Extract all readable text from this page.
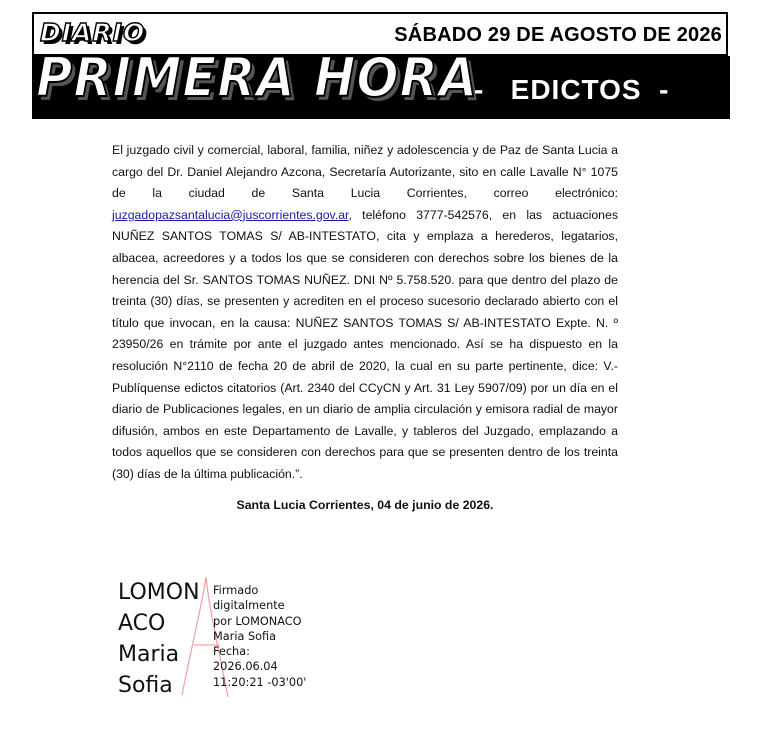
DIARIO
PRIMERA HORA
SÁBADO 29 DE AGOSTO DE 2026
-   EDICTOS  -
El juzgado civil y comercial, laboral, familia, niñez y adolescencia y de Paz de Santa Lucia a cargo del Dr. Daniel Alejandro Azcona, Secretaría Autorizante, sito en calle Lavalle N° 1075 de la ciudad de Santa Lucia Corrientes, correo electrónico: juzgadopazsantalucia@juscorrientes.gov.ar, teléfono 3777-542576, en las actuaciones NUÑEZ SANTOS TOMAS S/ AB-INTESTATO, cita y emplaza a herederos, legatarios, albacea, acreedores y a todos los que se consideren con derechos sobre los bienes de la herencia del Sr. SANTOS TOMAS NUÑEZ. DNI Nº 5.758.520. para que dentro del plazo de treinta (30) días, se presenten y acrediten en el proceso sucesorio declarado abierto con el título que invocan, en la causa: NUÑEZ SANTOS TOMAS S/ AB-INTESTATO Expte. N. º 23950/26 en trámite por ante el juzgado antes mencionado. Así se ha dispuesto en la resolución N°2110 de fecha 20 de abril de 2020, la cual en su parte pertinente, dice: V.- Publíquense edictos citatorios (Art. 2340 del CCyCN y Art. 31 Ley 5907/09) por un día en el diario de Publicaciones legales, en un diario de amplia circulación y emisora radial de mayor difusión, ambos en este Departamento de Lavalle, y tableros del Juzgado, emplazando a todos aquellos que se consideren con derechos para que se presenten dentro de los treinta (30) días de la última publicación.”.
Santa Lucia Corrientes, 04 de junio de 2026.
LOMON
ACO
Maria
Sofia
Firmado
digitalmente
por LOMONACO
Maria Sofia
Fecha:
2026.06.04
11:20:21 -03'00'
